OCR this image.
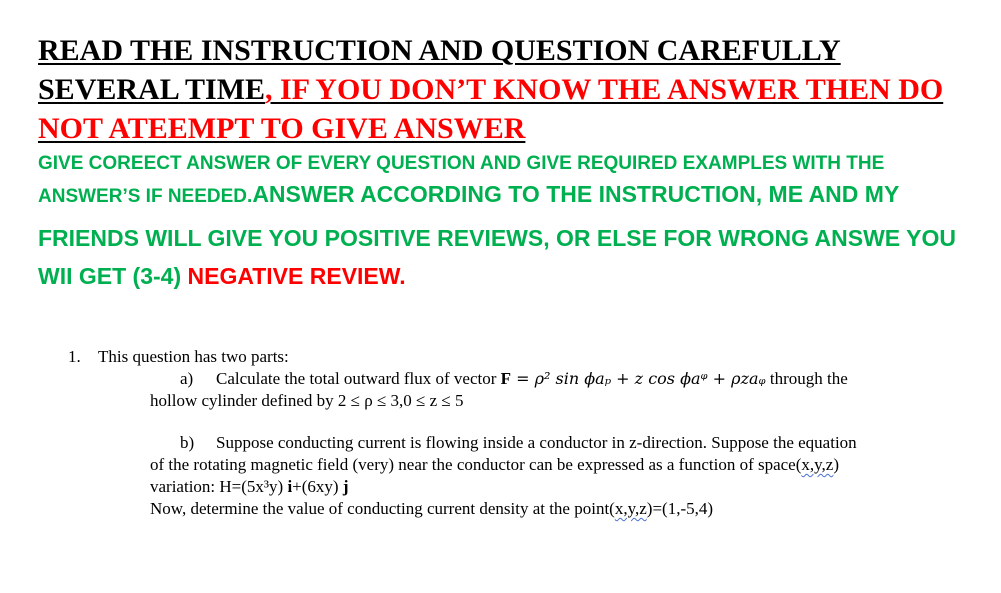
READ THE INSTRUCTION AND QUESTION CAREFULLY SEVERAL TIME, IF YOU DON’T KNOW THE ANSWER THEN DO NOT ATEEMPT TO GIVE ANSWER
GIVE COREECT ANSWER OF EVERY QUESTION AND GIVE REQUIRED EXAMPLES WITH THE
ANSWER’S IF NEEDED.ANSWER ACCORDING TO THE INSTRUCTION, ME AND MY
FRIENDS WILL GIVE YOU POSITIVE REVIEWS, OR ELSE FOR WRONG ANSWE YOU
WII GET (3-4) NEGATIVE REVIEW.
1. This question has two parts:
a) Calculate the total outward flux of vector F = ρ² sin ϕaₚ + z cos ϕaᵠ + ρzaᵩ through the
hollow cylinder defined by 2 ≤ ρ ≤ 3,0 ≤ z ≤ 5
b) Suppose conducting current is flowing inside a conductor in z-direction. Suppose the equation
of the rotating magnetic field (very) near the conductor can be expressed as a function of space(x,y,z)
variation: H=(5x³y) i+(6xy) j
Now, determine the value of conducting current density at the point(x,y,z)=(1,-5,4)
